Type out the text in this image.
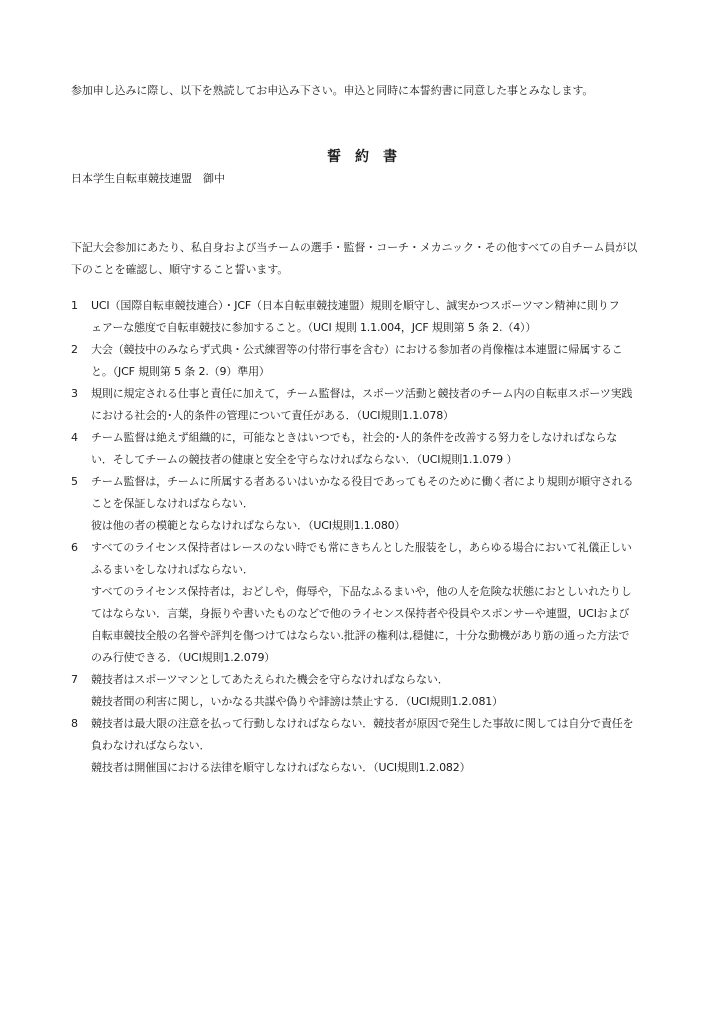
参加申し込みに際し、以下を熟読してお申込み下さい。申込と同時に本誓約書に同意した事とみなします。
誓　約　書
日本学生自転車競技連盟　御中
下記大会参加にあたり、私自身および当チームの選手・監督・コーチ・メカニック・その他すべての自チーム員が以
下のことを確認し、順守すること誓います。
1	UCI（国際自転車競技連合）・JCF（日本自転車競技連盟）規則を順守し、誠実かつスポーツマン精神に則りフ
ェアーな態度で自転車競技に参加すること。（UCI 規則 1.1.004，JCF 規則第 5 条 2.（4））
2	大会（競技中のみならず式典・公式練習等の付帯行事を含む）における参加者の肖像権は本連盟に帰属するこ
と。（JCF 規則第 5 条 2.（9）準用）
3	規則に規定される仕事と責任に加えて，チーム監督は，スポーツ活動と競技者のチーム内の自転車スポーツ実践
における社会的･人的条件の管理について責任がある．（UCI規則1.1.078）
4	チーム監督は絶えず組織的に，可能なときはいつでも，社会的･人的条件を改善する努力をしなければならな
い．そしてチームの競技者の健康と安全を守らなければならない．（UCI規則1.1.079 ）
5	チーム監督は，チームに所属する者あるいはいかなる役目であってもそのために働く者により規則が順守される
ことを保証しなければならない．
彼は他の者の模範とならなければならない．（UCI規則1.1.080）
6	すべてのライセンス保持者はレースのない時でも常にきちんとした服装をし，あらゆる場合において礼儀正しい
ふるまいをしなければならない．
すべてのライセンス保持者は，おどしや，侮辱や，下品なふるまいや，他の人を危険な状態におとしいれたりし
てはならない．言葉，身振りや書いたものなどで他のライセンス保持者や役員やスポンサーや連盟，UCIおよび
自転車競技全般の名誉や評判を傷つけてはならない.批評の権利は,穏健に，十分な動機があり筋の通った方法で
のみ行使できる．（UCI規則1.2.079）
7	競技者はスポーツマンとしてあたえられた機会を守らなければならない．
競技者間の利害に関し，いかなる共謀や偽りや誹謗は禁止する．（UCI規則1.2.081）
8	競技者は最大限の注意を払って行動しなければならない．競技者が原因で発生した事故に関しては自分で責任を
負わなければならない．
競技者は開催国における法律を順守しなければならない．（UCI規則1.2.082）
